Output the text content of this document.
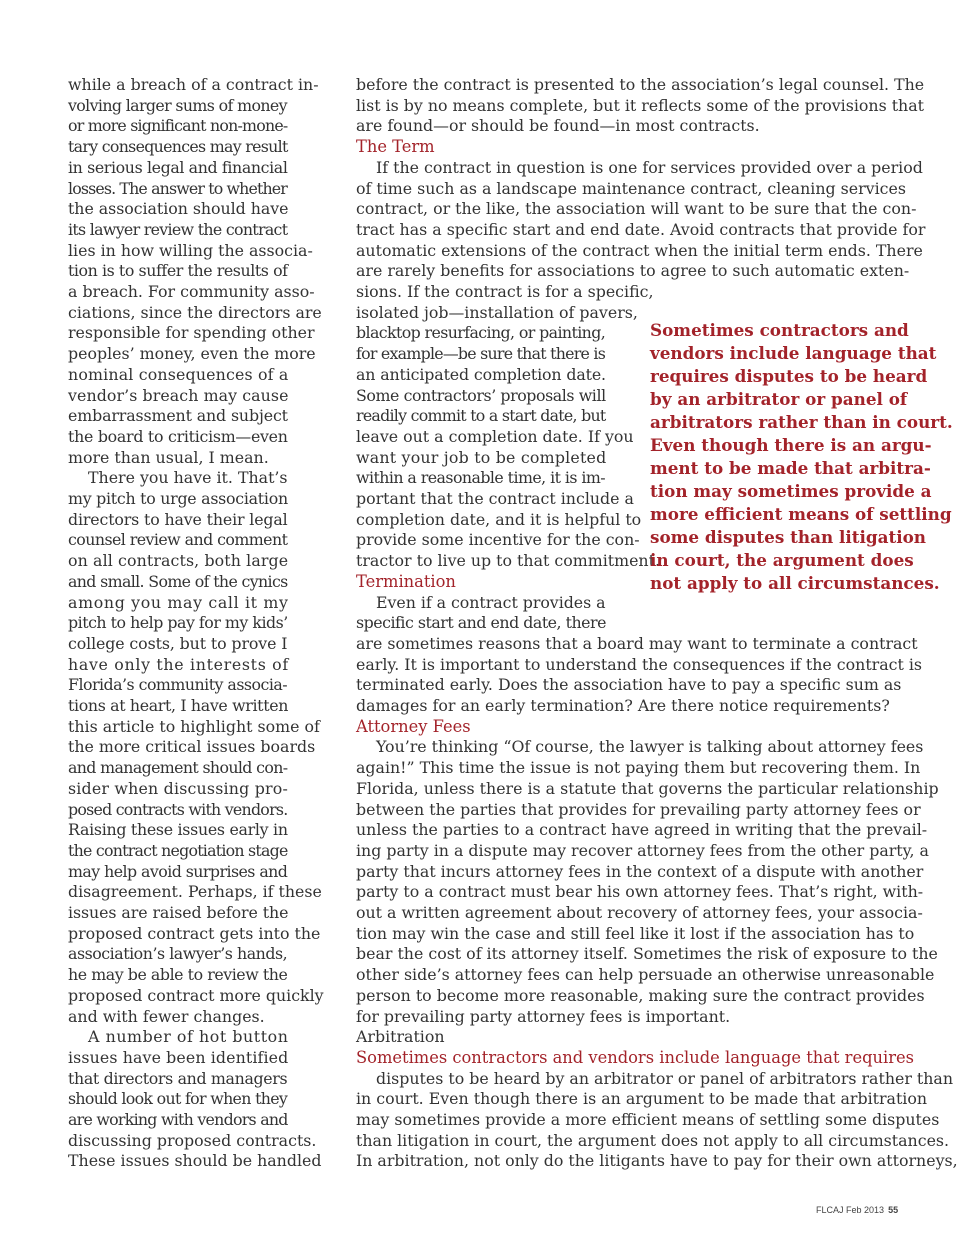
while a breach of a contract in-
volving larger sums of money
or more significant non-mone-
tary consequences may result
in serious legal and financial
losses. The answer to whether
the association should have
its lawyer review the contract
lies in how willing the associa-
tion is to suffer the results of
a breach. For community asso-
ciations, since the directors are
responsible for spending other
peoples’ money, even the more
nominal consequences of a
vendor’s breach may cause
embarrassment and subject
the board to criticism—even
more than usual, I mean.
There you have it. That’s
my pitch to urge association
directors to have their legal
counsel review and comment
on all contracts, both large
and small. Some of the cynics
among you may call it my
pitch to help pay for my kids’
college costs, but to prove I
have only the interests of
Florida’s community associa-
tions at heart, I have written
this article to highlight some of
the more critical issues boards
and management should con-
sider when discussing pro-
posed contracts with vendors.
Raising these issues early in
the contract negotiation stage
may help avoid surprises and
disagreement. Perhaps, if these
issues are raised before the
proposed contract gets into the
association’s lawyer’s hands,
he may be able to review the
proposed contract more quickly
and with fewer changes.
A number of hot button
issues have been identified
that directors and managers
should look out for when they
are working with vendors and
discussing proposed contracts.
These issues should be handled
before the contract is presented to the association’s legal counsel. The
list is by no means complete, but it reflects some of the provisions that
are found—or should be found—in most contracts.
The Term
If the contract in question is one for services provided over a period
of time such as a landscape maintenance contract, cleaning services
contract, or the like, the association will want to be sure that the con-
tract has a specific start and end date. Avoid contracts that provide for
automatic extensions of the contract when the initial term ends. There
are rarely benefits for associations to agree to such automatic exten-
sions. If the contract is for a specific,
isolated job—installation of pavers,
blacktop resurfacing, or painting,
for example—be sure that there is
an anticipated completion date.
Some contractors’ proposals will
readily commit to a start date, but
leave out a completion date. If you
want your job to be completed
within a reasonable time, it is im-
portant that the contract include a
completion date, and it is helpful to
provide some incentive for the con-
tractor to live up to that commitment.
Termination
Even if a contract provides a
specific start and end date, there
are sometimes reasons that a board may want to terminate a contract
early. It is important to understand the consequences if the contract is
terminated early. Does the association have to pay a specific sum as
damages for an early termination? Are there notice requirements?
Attorney Fees
You’re thinking “Of course, the lawyer is talking about attorney fees
again!” This time the issue is not paying them but recovering them. In
Florida, unless there is a statute that governs the particular relationship
between the parties that provides for prevailing party attorney fees or
unless the parties to a contract have agreed in writing that the prevail-
ing party in a dispute may recover attorney fees from the other party, a
party that incurs attorney fees in the context of a dispute with another
party to a contract must bear his own attorney fees. That’s right, with-
out a written agreement about recovery of attorney fees, your associa-
tion may win the case and still feel like it lost if the association has to
bear the cost of its attorney itself. Sometimes the risk of exposure to the
other side’s attorney fees can help persuade an otherwise unreasonable
person to become more reasonable, making sure the contract provides
for prevailing party attorney fees is important.
Arbitration
Sometimes contractors and vendors include language that requires
disputes to be heard by an arbitrator or panel of arbitrators rather than
in court. Even though there is an argument to be made that arbitration
may sometimes provide a more efficient means of settling some disputes
than litigation in court, the argument does not apply to all circumstances.
In arbitration, not only do the litigants have to pay for their own attorneys,
Sometimes contractors and
vendors include language that
requires disputes to be heard
by an arbitrator or panel of
arbitrators rather than in court.
Even though there is an argu-
ment to be made that arbitra-
tion may sometimes provide a
more efficient means of settling
some disputes than litigation
in court, the argument does
not apply to all circumstances.
FLCAJ Feb 2013 55
